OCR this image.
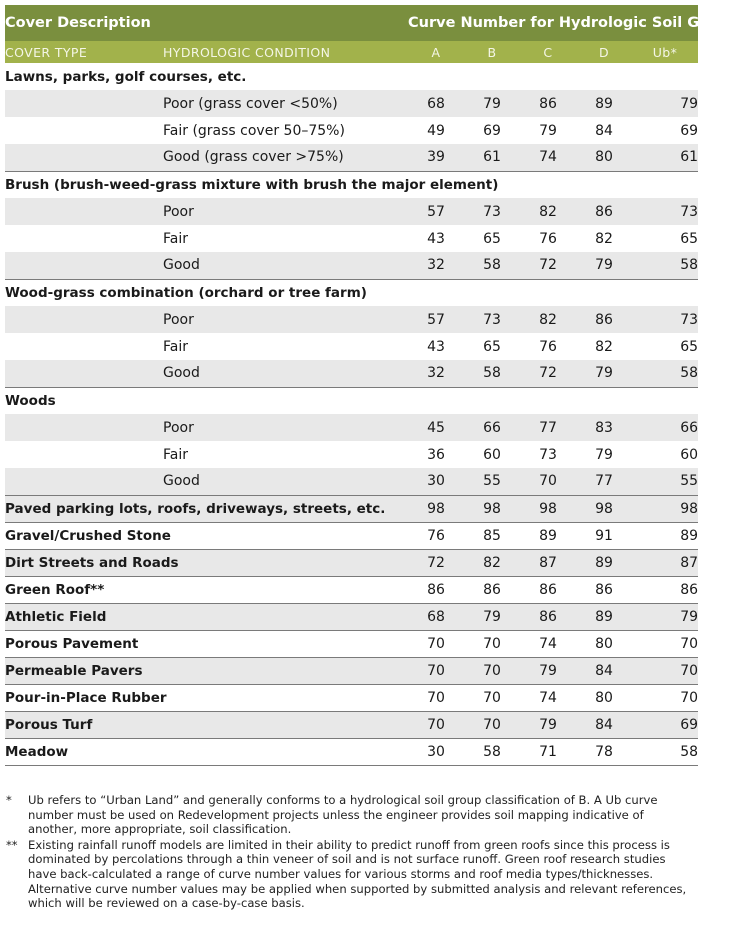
Cover Description		Curve Number for Hydrologic Soil Group				
COVER TYPE	HYDROLOGIC CONDITION	A	B	C	D	Ub*
Lawns, parks, golf courses, etc.						
	Poor (grass cover <50%)	68	79	86	89	79
	Fair (grass cover 50–75%)	49	69	79	84	69
	Good (grass cover >75%)	39	61	74	80	61
Brush (brush-weed-grass mixture with brush the major element)						
	Poor	57	73	82	86	73
	Fair	43	65	76	82	65
	Good	32	58	72	79	58
Wood-grass combination (orchard or tree farm)						
	Poor	57	73	82	86	73
	Fair	43	65	76	82	65
	Good	32	58	72	79	58
Woods						
	Poor	45	66	77	83	66
	Fair	36	60	73	79	60
	Good	30	55	70	77	55
Paved parking lots, roofs, driveways, streets, etc.		98	98	98	98	98
Gravel/Crushed Stone		76	85	89	91	89
Dirt Streets and Roads		72	82	87	89	87
Green Roof**		86	86	86	86	86
Athletic Field		68	79	86	89	79
Porous Pavement		70	70	74	80	70
Permeable Pavers		70	70	79	84	70
Pour-in-Place Rubber		70	70	74	80	70
Porous Turf		70	70	79	84	69
Meadow		30	58	71	78	58
*	Ub refers to “Urban Land” and generally conforms to a hydrological soil group classification of B. A Ub curve number must be used on Redevelopment projects unless the engineer provides soil mapping indicative of another, more appropriate, soil classification.
** Existing rainfall runoff models are limited in their ability to predict runoff from green roofs since this process is dominated by percolations through a thin veneer of soil and is not surface runoff. Green roof research studies have back-calculated a range of curve number values for various storms and roof media types/thicknesses. Alternative curve number values may be applied when supported by submitted analysis and relevant references, which will be reviewed on a case-by-case basis.
